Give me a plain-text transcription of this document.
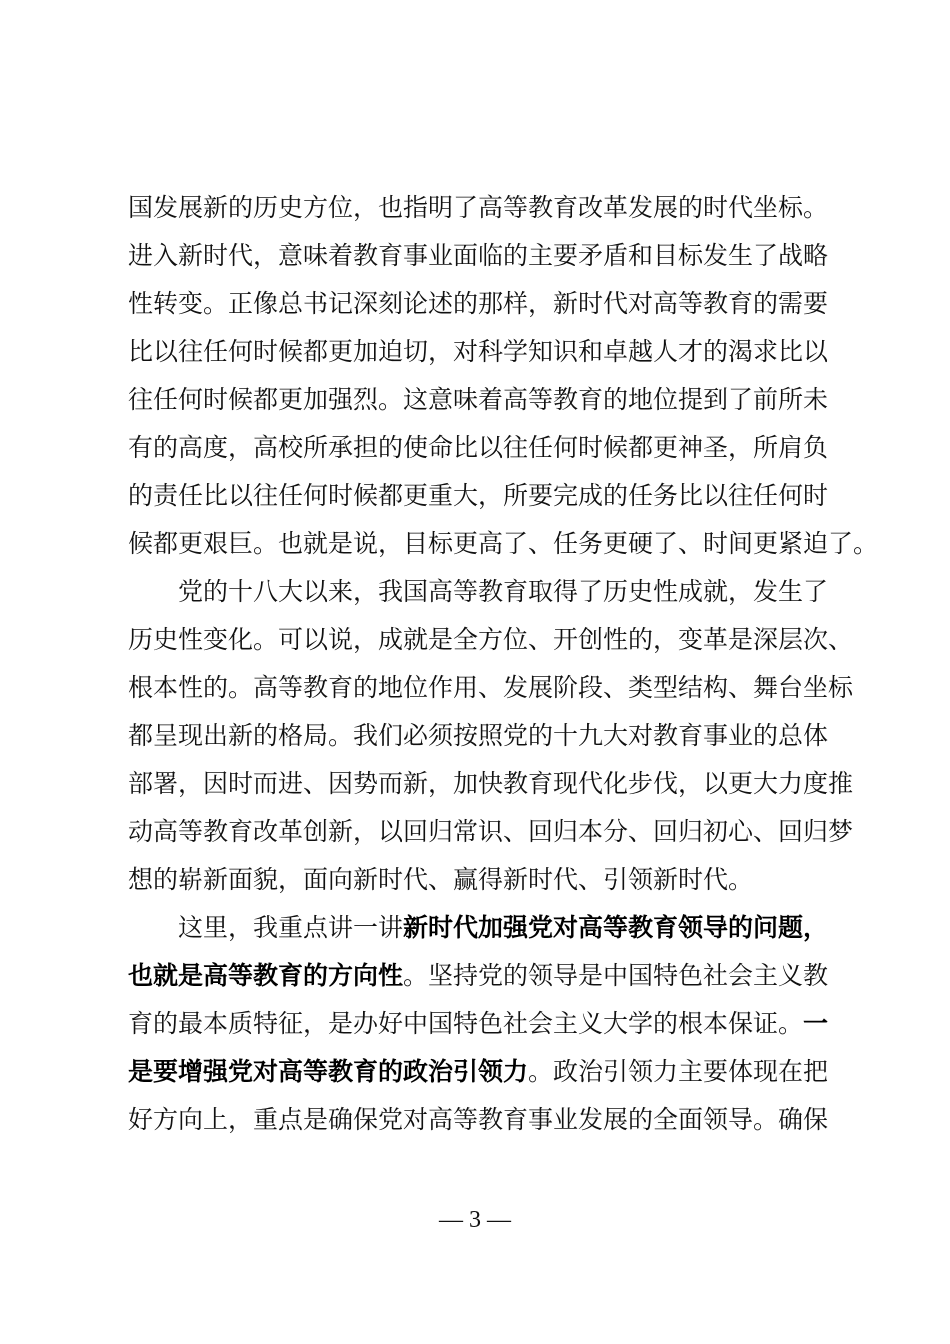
国发展新的历史方位，也指明了高等教育改革发展的时代坐标。
进入新时代，意味着教育事业面临的主要矛盾和目标发生了战略
性转变。正像总书记深刻论述的那样，新时代对高等教育的需要
比以往任何时候都更加迫切，对科学知识和卓越人才的渴求比以
往任何时候都更加强烈。这意味着高等教育的地位提到了前所未
有的高度，高校所承担的使命比以往任何时候都更神圣，所肩负
的责任比以往任何时候都更重大，所要完成的任务比以往任何时
候都更艰巨。也就是说，目标更高了、任务更硬了、时间更紧迫了。
党的十八大以来，我国高等教育取得了历史性成就，发生了
历史性变化。可以说，成就是全方位、开创性的，变革是深层次、
根本性的。高等教育的地位作用、发展阶段、类型结构、舞台坐标
都呈现出新的格局。我们必须按照党的十九大对教育事业的总体
部署，因时而进、因势而新，加快教育现代化步伐，以更大力度推
动高等教育改革创新，以回归常识、回归本分、回归初心、回归梦
想的崭新面貌，面向新时代、赢得新时代、引领新时代。
这里，我重点讲一讲新时代加强党对高等教育领导的问题，
也就是高等教育的方向性。坚持党的领导是中国特色社会主义教
育的最本质特征，是办好中国特色社会主义大学的根本保证。一
是要增强党对高等教育的政治引领力。政治引领力主要体现在把
好方向上，重点是确保党对高等教育事业发展的全面领导。确保
— 3 —
